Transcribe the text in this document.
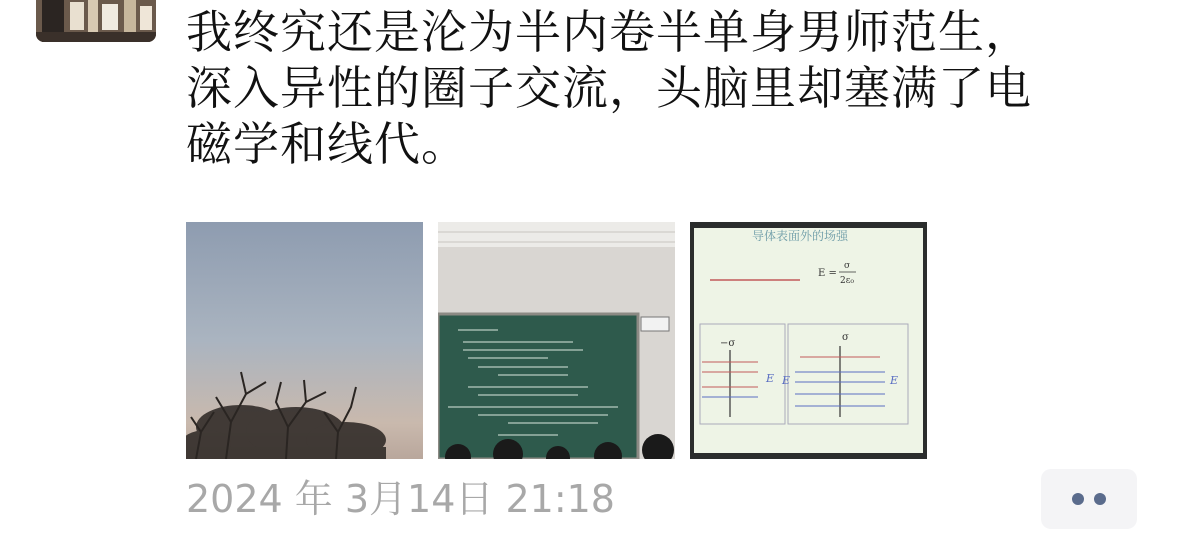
我终究还是沦为半内卷半单身男师范生，
深入异性的圈子交流，头脑里却塞满了电
磁学和线代。
导体表面外的场强
E =
σ
2ε₀
−σ
σ
E E	E
2024 年 3月14日 21:18
